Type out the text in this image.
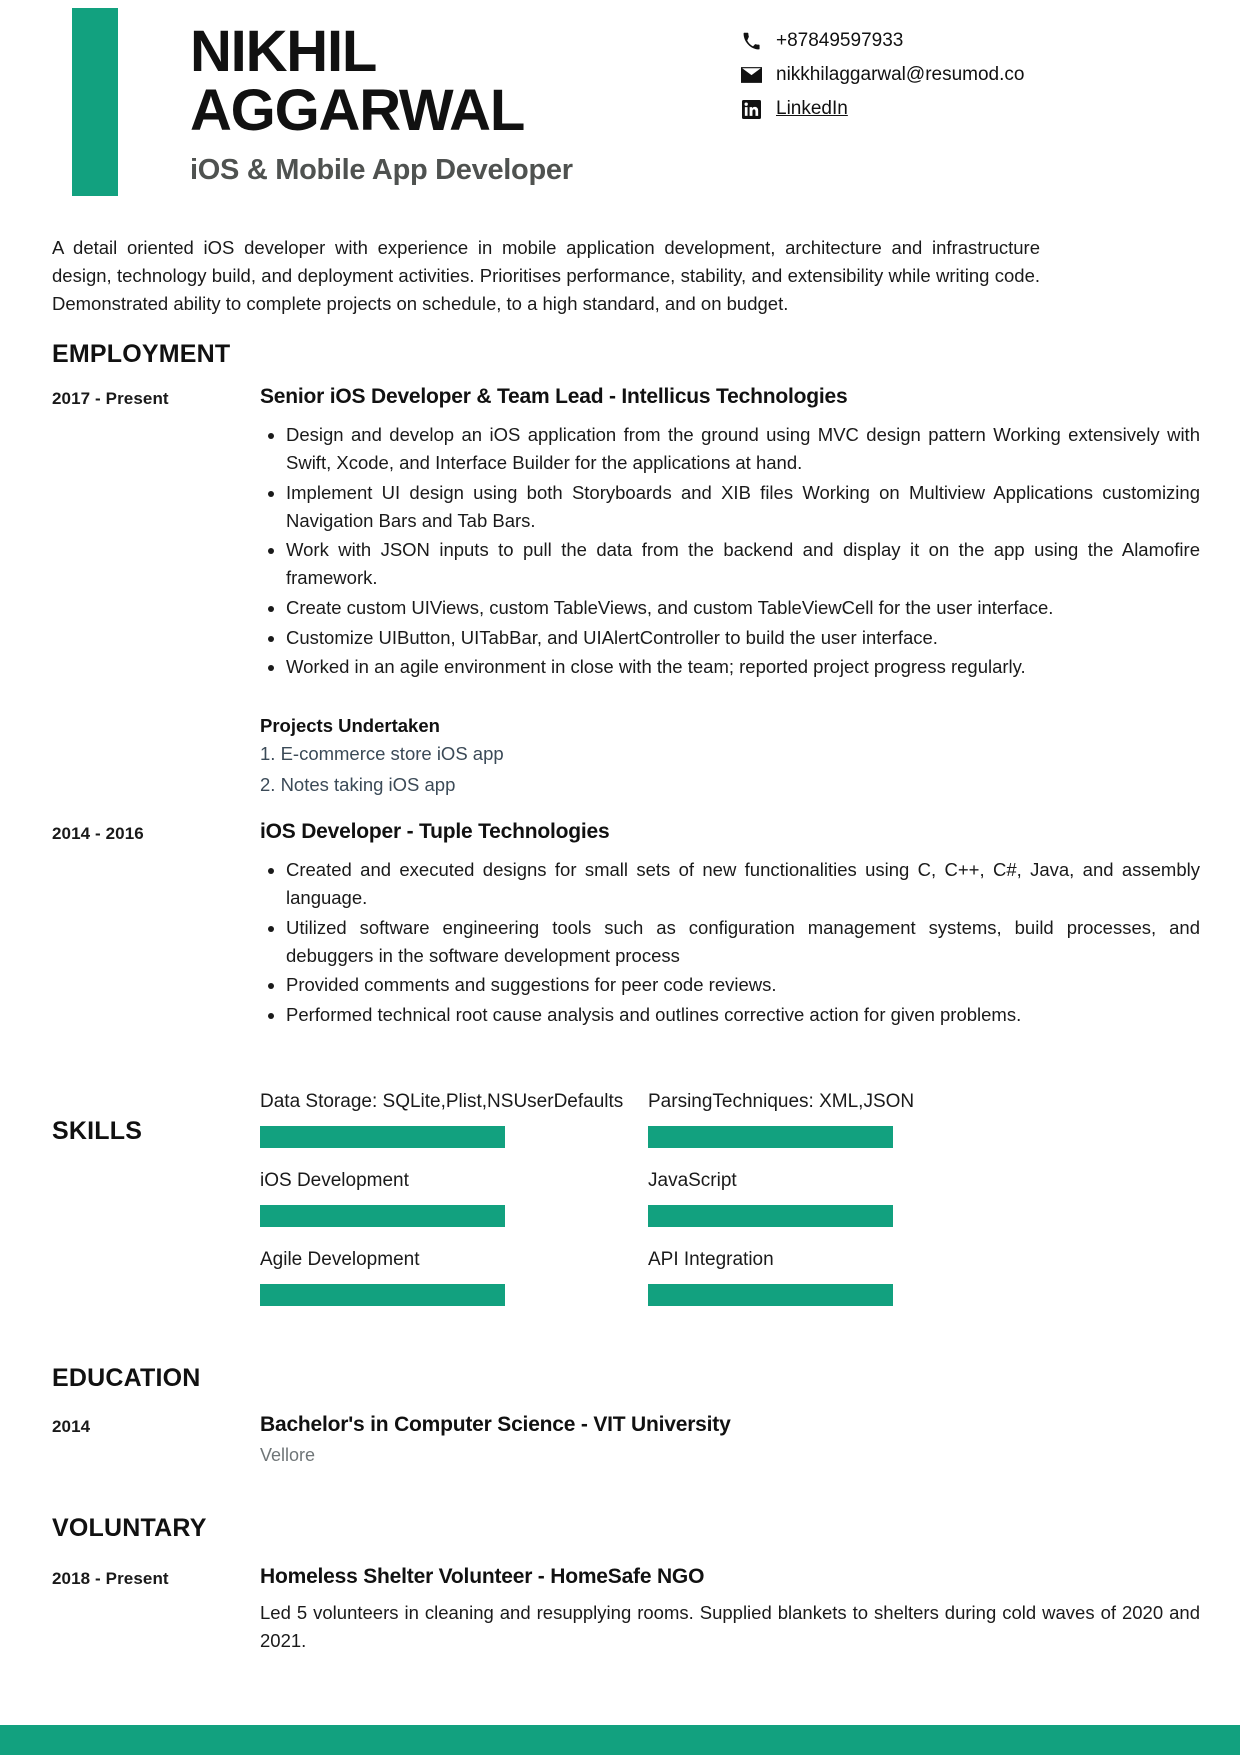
NIKHIL
AGGARWAL
iOS & Mobile App Developer
+87849597933
nikkhilaggarwal@resumod.co
LinkedIn
A detail oriented iOS developer with experience in mobile application development, architecture and infrastructure design, technology build, and deployment activities. Prioritises performance, stability, and extensibility while writing code. Demonstrated ability to complete projects on schedule, to a high standard, and on budget.
EMPLOYMENT
2017 - Present	Senior iOS Developer & Team Lead - Intellicus Technologies
• Design and develop an iOS application from the ground using MVC design pattern Working extensively with Swift, Xcode, and Interface Builder for the applications at hand.
• Implement UI design using both Storyboards and XIB files Working on Multiview Applications customizing Navigation Bars and Tab Bars.
• Work with JSON inputs to pull the data from the backend and display it on the app using the Alamofire framework.
• Create custom UIViews, custom TableViews, and custom TableViewCell for the user interface.
• Customize UIButton, UITabBar, and UIAlertController to build the user interface.
• Worked in an agile environment in close with the team; reported project progress regularly.
Projects Undertaken
1. E-commerce store iOS app
2. Notes taking iOS app
2014 - 2016	iOS Developer - Tuple Technologies
• Created and executed designs for small sets of new functionalities using C, C++, C#, Java, and assembly language.
• Utilized software engineering tools such as configuration management systems, build processes, and debuggers in the software development process
• Provided comments and suggestions for peer code reviews.
• Performed technical root cause analysis and outlines corrective action for given problems.
SKILLS
Data Storage: SQLite,Plist,NSUserDefaults	ParsingTechniques: XML,JSON
iOS Development	JavaScript
Agile Development	API Integration
EDUCATION
2014	Bachelor's in Computer Science - VIT University
Vellore
VOLUNTARY
2018 - Present	Homeless Shelter Volunteer - HomeSafe NGO
Led 5 volunteers in cleaning and resupplying rooms. Supplied blankets to shelters during cold waves of 2020 and 2021.
